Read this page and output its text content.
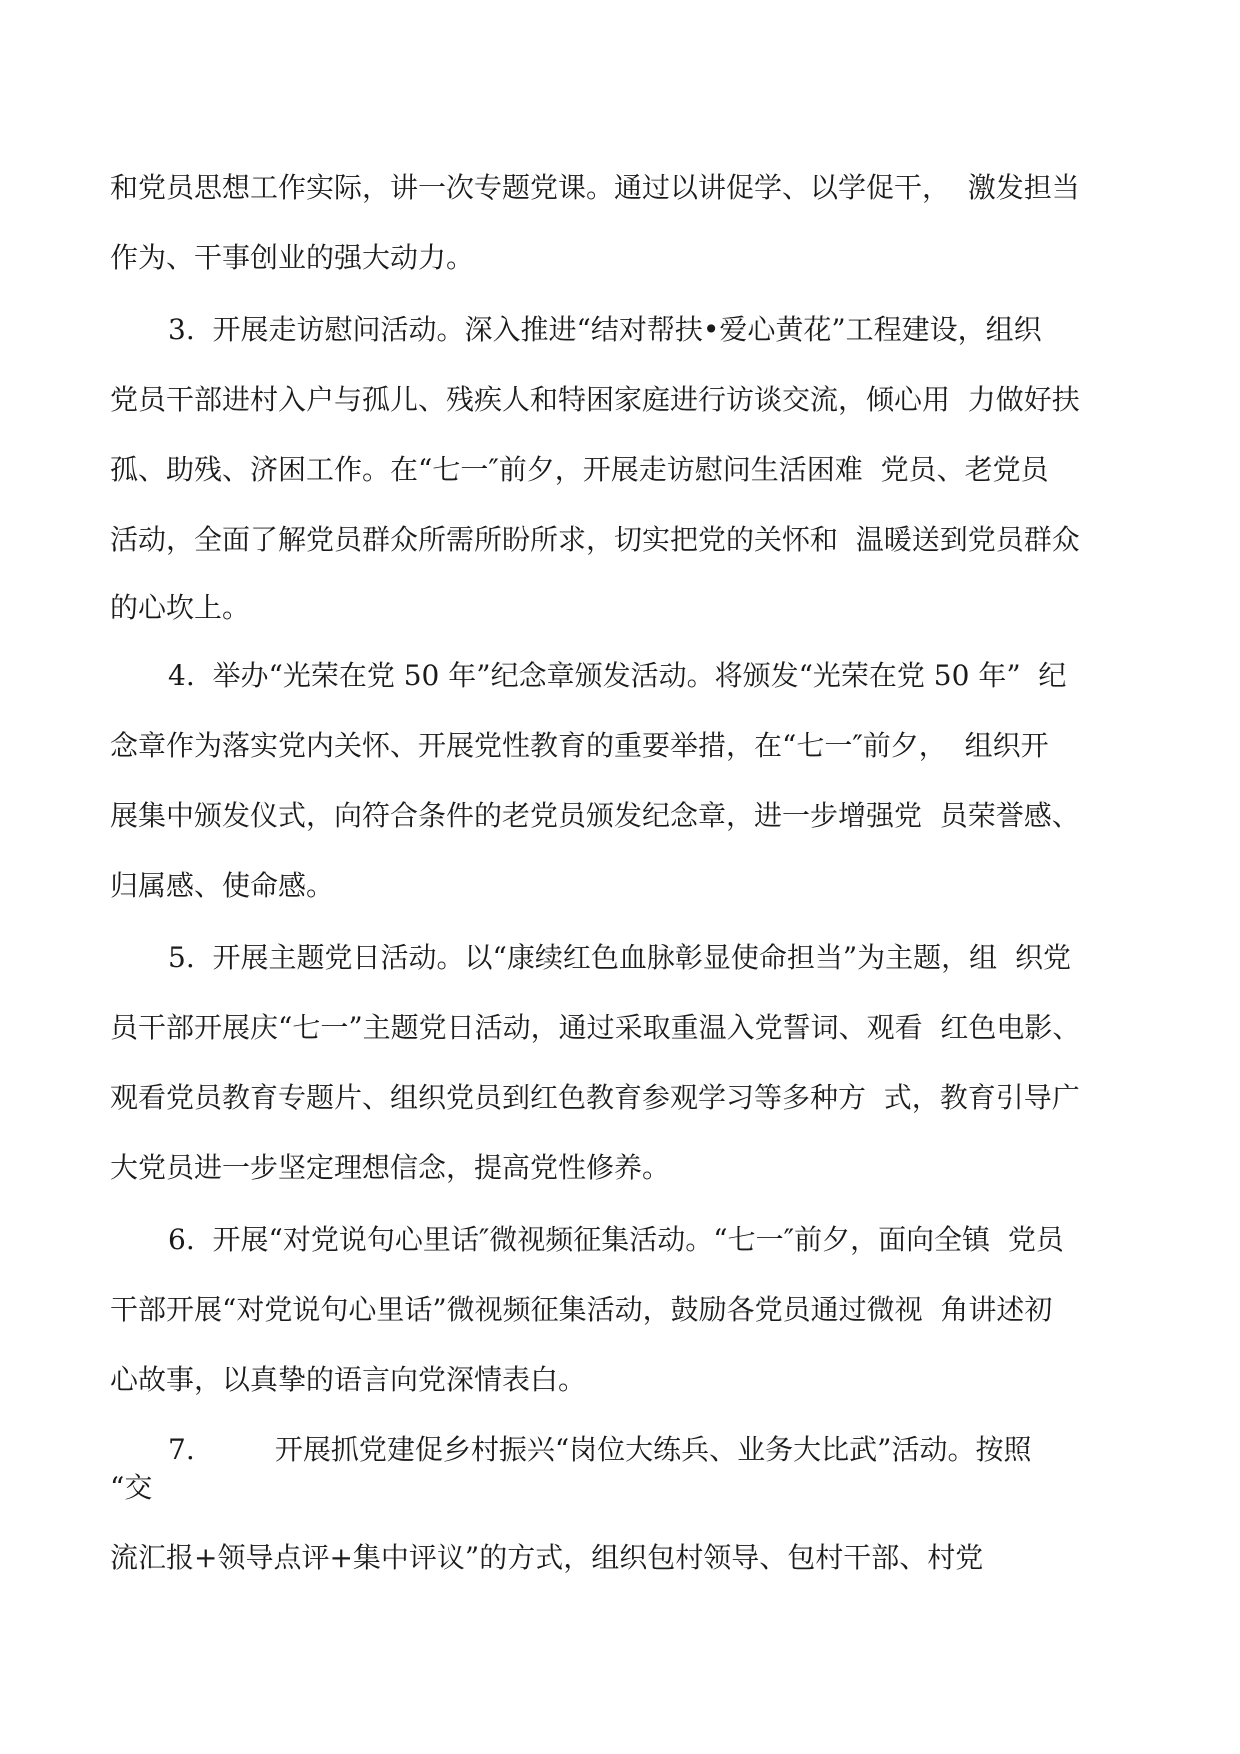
和党员思想工作实际，讲一次专题党课。通过以讲促学、以学促干，  激发担当
作为、干事创业的强大动力。
3.  开展走访慰问活动。深入推进“结对帮扶•爱心黄花”工程建设，组织
党员干部进村入户与孤儿、残疾人和特困家庭进行访谈交流，倾心用  力做好扶
孤、助残、济困工作。在“七一″前夕，开展走访慰问生活困难  党员、老党员
活动，全面了解党员群众所需所盼所求，切实把党的关怀和  温暖送到党员群众
的心坎上。
4.  举办“光荣在党 50 年”纪念章颁发活动。将颁发“光荣在党 50 年”  纪
念章作为落实党内关怀、开展党性教育的重要举措，在“七一″前夕，  组织开
展集中颁发仪式，向符合条件的老党员颁发纪念章，进一步增强党  员荣誉感、
归属感、使命感。
5.  开展主题党日活动。以“康续红色血脉彰显使命担当”为主题，组  织党
员干部开展庆“七一”主题党日活动，通过采取重温入党誓词、观看  红色电影、
观看党员教育专题片、组织党员到红色教育参观学习等多种方  式，教育引导广
大党员进一步坚定理想信念，提高党性修养。
6.  开展“对党说句心里话″微视频征集活动。“七一″前夕，面向全镇  党员
干部开展“对党说句心里话”微视频征集活动，鼓励各党员通过微视  角讲述初
心故事，以真挚的语言向党深情表白。
7.         开展抓党建促乡村振兴“岗位大练兵、业务大比武”活动。按照
“交
流汇报+领导点评+集中评议”的方式，组织包村领导、包村干部、村党
